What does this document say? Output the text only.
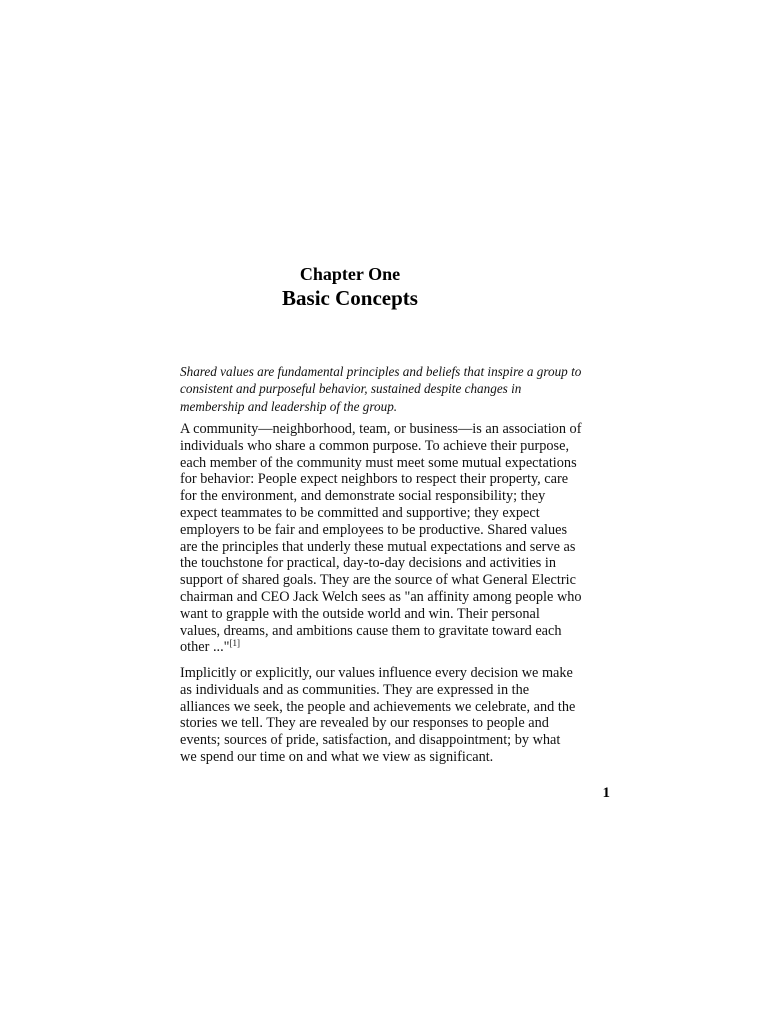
Chapter One
Basic Concepts
Shared values are fundamental principles and beliefs that inspire a group to
consistent and purposeful behavior, sustained despite changes in
membership and leadership of the group.
A community—neighborhood, team, or business—is an association of
individuals who share a common purpose. To achieve their purpose,
each member of the community must meet some mutual expectations
for behavior: People expect neighbors to respect their property, care
for the environment, and demonstrate social responsibility; they
expect teammates to be committed and supportive; they expect
employers to be fair and employees to be productive. Shared values
are the principles that underly these mutual expectations and serve as
the touchstone for practical, day-to-day decisions and activities in
support of shared goals. They are the source of what General Electric
chairman and CEO Jack Welch sees as "an affinity among people who
want to grapple with the outside world and win. Their personal
values, dreams, and ambitions cause them to gravitate toward each
other ..."[1]
Implicitly or explicitly, our values influence every decision we make
as individuals and as communities. They are expressed in the
alliances we seek, the people and achievements we celebrate, and the
stories we tell. They are revealed by our responses to people and
events; sources of pride, satisfaction, and disappointment; by what
we spend our time on and what we view as significant.
1
